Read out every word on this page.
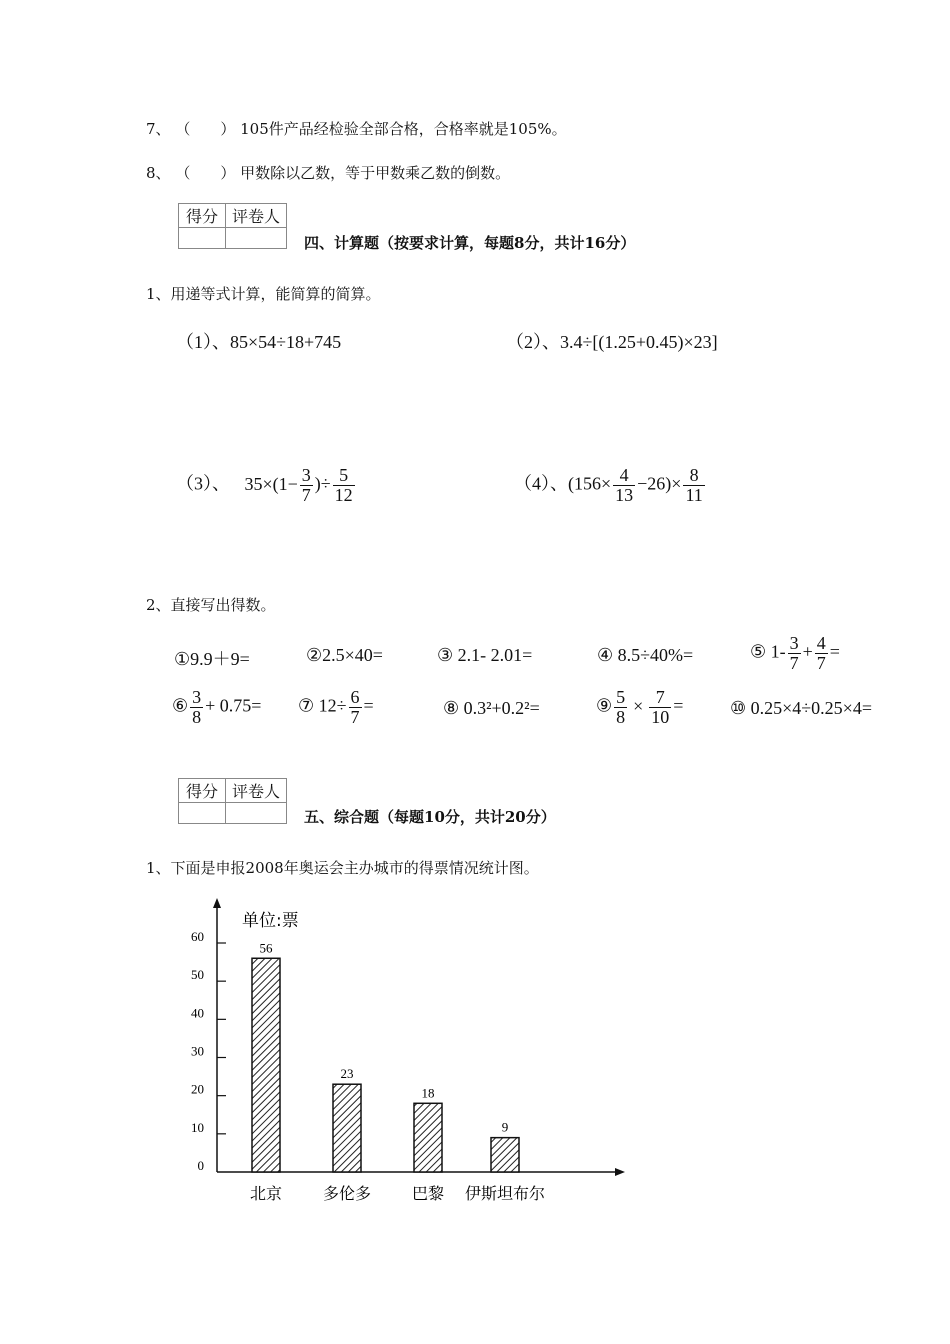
7、 （　　） 105件产品经检验全部合格，合格率就是105%。
8、 （　　） 甲数除以乙数，等于甲数乘乙数的倒数。
得分	评卷人

四、计算题（按要求计算，每题8分，共计16分）
1、用递等式计算，能简算的简算。
（1）、85×54÷18+745	（2）、3.4÷[(1.25+0.45)×23]
（3）、 $35\times(1- \frac{3}{7}$ )÷ $\frac{5}{12}$	（4）、$(156\times \frac{4}{13} -26)\times \frac{8}{11}$
2、直接写出得数。
①9.9＋9=	②2.5×40=	③ 2.1- 2.01=	④ 8.5÷40%=	⑤ $1- \frac{3}{7} + \frac{4}{7}$ =
⑥ $\frac{3}{8} + 0.75=$ ⑦ $12\div \frac{6}{7}$ =	⑧ 0.3²+0.2²=	⑨ $\frac{5}{8} \times \frac{7}{10}$ =	⑩ 0.25×4÷0.25×4=
得分	评卷人

五、综合题（每题10分，共计20分）
1、下面是申报2008年奥运会主办城市的得票情况统计图。
单位:票
0
10
20
30
40
50
60
56
北京
23
多伦多
18
巴黎
9
伊斯坦布尔
